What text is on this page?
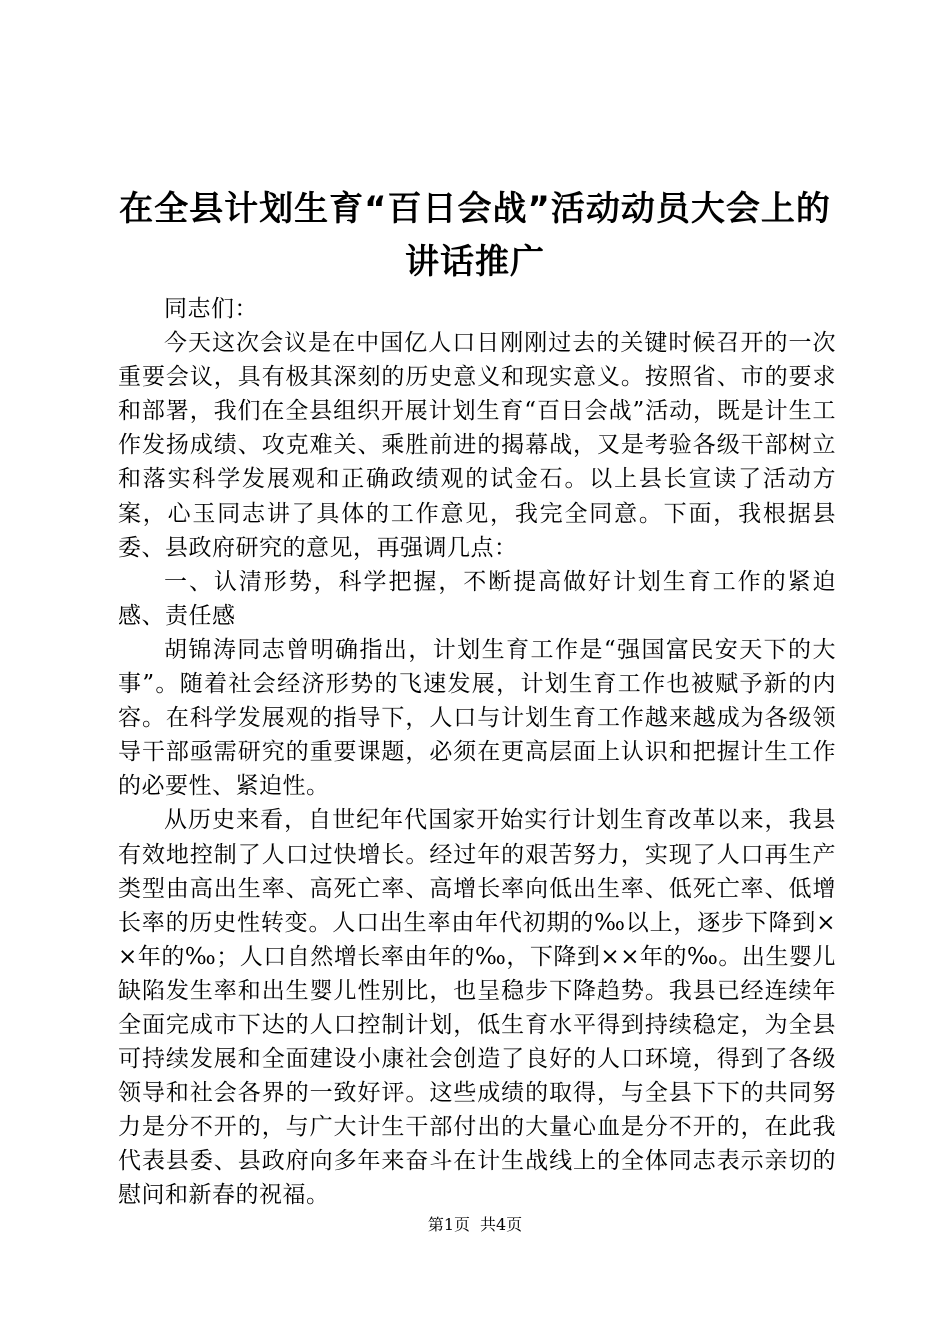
在全县计划生育“百日会战”活动动员大会上的讲话推广

同志们：

今天这次会议是在中国亿人口日刚刚过去的关键时候召开的一次重要会议，具有极其深刻的历史意义和现实意义。按照省、市的要求和部署，我们在全县组织开展计划生育“百日会战”活动，既是计生工作发扬成绩、攻克难关、乘胜前进的揭幕战，又是考验各级干部树立和落实科学发展观和正确政绩观的试金石。以上县长宣读了活动方案，心玉同志讲了具体的工作意见，我完全同意。下面，我根据县委、县政府研究的意见，再强调几点：

一、认清形势，科学把握，不断提高做好计划生育工作的紧迫感、责任感

胡锦涛同志曾明确指出，计划生育工作是“强国富民安天下的大事”。随着社会经济形势的飞速发展，计划生育工作也被赋予新的内容。在科学发展观的指导下，人口与计划生育工作越来越成为各级领导干部亟需研究的重要课题，必须在更高层面上认识和把握计生工作的必要性、紧迫性。

从历史来看，自世纪年代国家开始实行计划生育改革以来，我县有效地控制了人口过快增长。经过年的艰苦努力，实现了人口再生产类型由高出生率、高死亡率、高增长率向低出生率、低死亡率、低增长率的历史性转变。人口出生率由年代初期的‰以上，逐步下降到××年的‰；人口自然增长率由年的‰，下降到××年的‰。出生婴儿缺陷发生率和出生婴儿性别比，也呈稳步下降趋势。我县已经连续年全面完成市下达的人口控制计划，低生育水平得到持续稳定，为全县可持续发展和全面建设小康社会创造了良好的人口环境，得到了各级领导和社会各界的一致好评。这些成绩的取得，与全县下下的共同努力是分不开的，与广大计生干部付出的大量心血是分不开的，在此我代表县委、县政府向多年来奋斗在计生战线上的全体同志表示亲切的慰问和新春的祝福。

第1页 共4页
